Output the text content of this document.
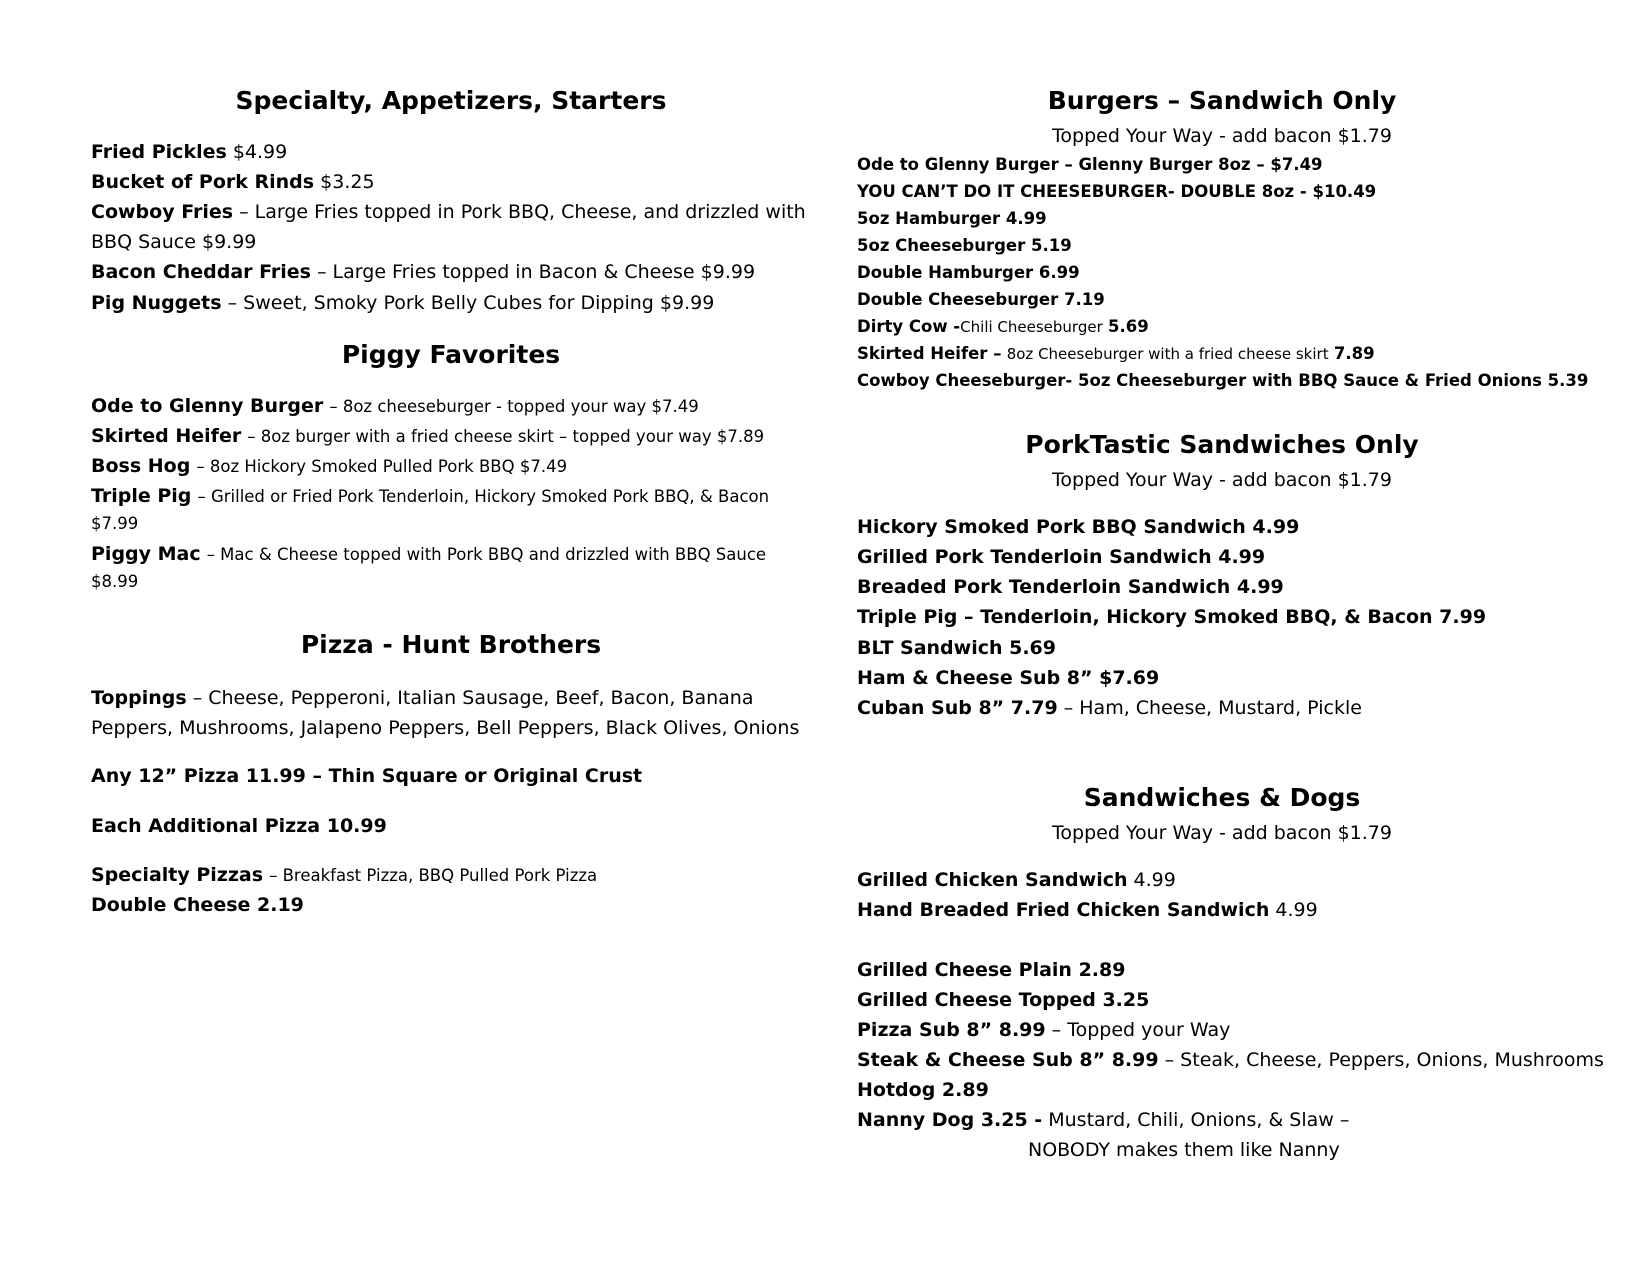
Specialty, Appetizers, Starters
Fried Pickles $4.99
Bucket of Pork Rinds $3.25
Cowboy Fries – Large Fries topped in Pork BBQ, Cheese, and drizzled with
BBQ Sauce $9.99
Bacon Cheddar Fries – Large Fries topped in Bacon & Cheese $9.99
Pig Nuggets – Sweet, Smoky Pork Belly Cubes for Dipping $9.99
Piggy Favorites
Ode to Glenny Burger – 8oz cheeseburger - topped your way $7.49
Skirted Heifer – 8oz burger with a fried cheese skirt – topped your way $7.89
Boss Hog – 8oz Hickory Smoked Pulled Pork BBQ $7.49
Triple Pig – Grilled or Fried Pork Tenderloin, Hickory Smoked Pork BBQ, & Bacon
$7.99
Piggy Mac – Mac & Cheese topped with Pork BBQ and drizzled with BBQ Sauce
$8.99
Pizza - Hunt Brothers
Toppings – Cheese, Pepperoni, Italian Sausage, Beef, Bacon, Banana
Peppers, Mushrooms, Jalapeno Peppers, Bell Peppers, Black Olives, Onions
Any 12” Pizza 11.99 – Thin Square or Original Crust
Each Additional Pizza 10.99
Specialty Pizzas – Breakfast Pizza, BBQ Pulled Pork Pizza
Double Cheese 2.19
Burgers – Sandwich Only
Topped Your Way - add bacon $1.79
Ode to Glenny Burger – Glenny Burger 8oz – $7.49
YOU CAN’T DO IT CHEESEBURGER- DOUBLE 8oz - $10.49
5oz Hamburger 4.99
5oz Cheeseburger 5.19
Double Hamburger 6.99
Double Cheeseburger 7.19
Dirty Cow -Chili Cheeseburger 5.69
Skirted Heifer – 8oz Cheeseburger with a fried cheese skirt 7.89
Cowboy Cheeseburger- 5oz Cheeseburger with BBQ Sauce & Fried Onions 5.39
PorkTastic Sandwiches Only
Topped Your Way - add bacon $1.79
Hickory Smoked Pork BBQ Sandwich 4.99
Grilled Pork Tenderloin Sandwich 4.99
Breaded Pork Tenderloin Sandwich 4.99
Triple Pig – Tenderloin, Hickory Smoked BBQ, & Bacon 7.99
BLT Sandwich 5.69
Ham & Cheese Sub 8” $7.69
Cuban Sub 8” 7.79 – Ham, Cheese, Mustard, Pickle
Sandwiches & Dogs
Topped Your Way - add bacon $1.79
Grilled Chicken Sandwich 4.99
Hand Breaded Fried Chicken Sandwich 4.99
Grilled Cheese Plain 2.89
Grilled Cheese Topped 3.25
Pizza Sub 8” 8.99 – Topped your Way
Steak & Cheese Sub 8” 8.99 – Steak, Cheese, Peppers, Onions, Mushrooms
Hotdog 2.89
Nanny Dog 3.25 - Mustard, Chili, Onions, & Slaw –
NOBODY makes them like Nanny
